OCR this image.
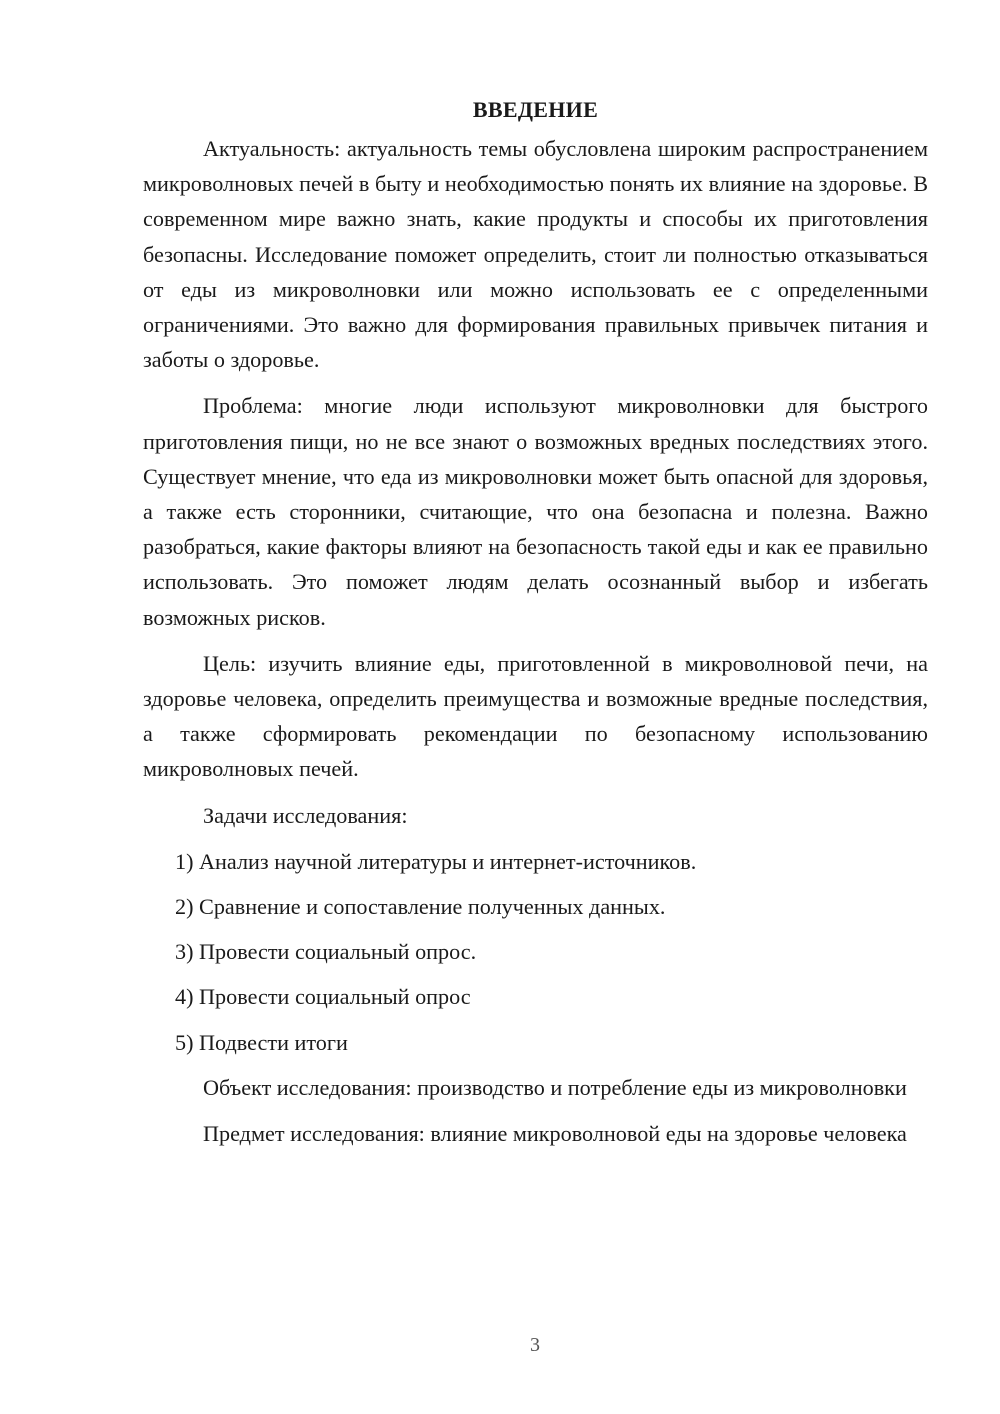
ВВЕДЕНИЕ

Актуальность: актуальность темы обусловлена широким распространением микроволновых печей в быту и необходимостью понять их влияние на здоровье. В современном мире важно знать, какие продукты и способы их приготовления безопасны. Исследование поможет определить, стоит ли полностью отказываться от еды из микроволновки или можно использовать ее с определенными ограничениями. Это важно для формирования правильных привычек питания и заботы о здоровье.

Проблема: многие люди используют микроволновки для быстрого приготовления пищи, но не все знают о возможных вредных последствиях этого. Существует мнение, что еда из микроволновки может быть опасной для здоровья, а также есть сторонники, считающие, что она безопасна и полезна. Важно разобраться, какие факторы влияют на безопасность такой еды и как ее правильно использовать. Это поможет людям делать осознанный выбор и избегать возможных рисков.

Цель: изучить влияние еды, приготовленной в микроволновой печи, на здоровье человека, определить преимущества и возможные вредные последствия, а также сформировать рекомендации по безопасному использованию микроволновых печей.

Задачи исследования:
1) Анализ научной литературы и интернет-источников.
2) Сравнение и сопоставление полученных данных.
3) Провести социальный опрос.
4) Провести социальный опрос
5) Подвести итоги

Объект исследования: производство и потребление еды из микроволновки

Предмет исследования: влияние микроволновой еды на здоровье человека

3
